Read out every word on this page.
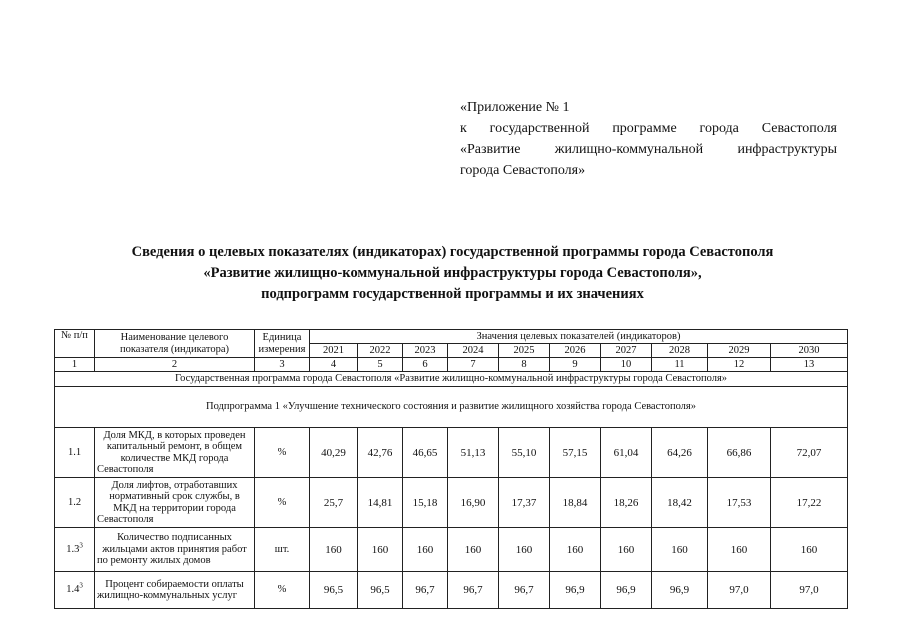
«Приложение № 1
к государственной программе города Севастополя
«Развитие жилищно-коммунальной инфраструктуры
города Севастополя»
Сведения о целевых показателях (индикаторах) государственной программы города Севастополя
«Развитие жилищно-коммунальной инфраструктуры города Севастополя»,
подпрограмм государственной программы и их значениях
№ п/п	Наименование целевого показателя (индикатора)	Единица измерения	Значения целевых показателей (индикаторов)									
			2021	2022	2023	2024	2025	2026	2027	2028	2029	2030
1	2	3	4	5	6	7	8	9	10	11	12	13
Государственная программа города Севастополя «Развитие жилищно-коммунальной инфраструктуры города Севастополя»												
Подпрограмма 1 «Улучшение технического состояния и развитие жилищного хозяйства города Севастополя»												
1.1	Доля МКД, в которых проведен капитальный ремонт, в общем количестве МКД города Севастополя	%	40,29	42,76	46,65	51,13	55,10	57,15	61,04	64,26	66,86	72,07
1.2	Доля лифтов, отработавших нормативный срок службы, в МКД на территории города Севастополя	%	25,7	14,81	15,18	16,90	17,37	18,84	18,26	18,42	17,53	17,22
$1.3^3$	Количество подписанных жильцами актов принятия работ по ремонту жилых домов	шт.	160	160	160	160	160	160	160	160	160	160
$1.4^3$	Процент собираемости оплаты жилищно-коммунальных услуг	%	96,5	96,5	96,7	96,7	96,7	96,9	96,9	96,9	97,0	97,0
